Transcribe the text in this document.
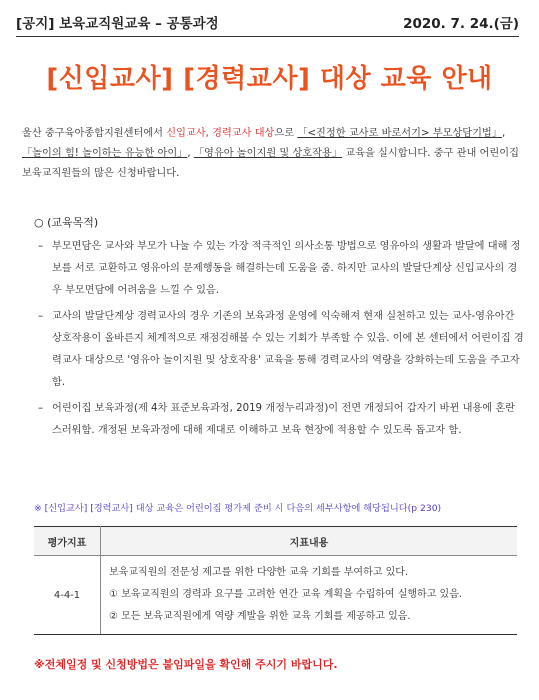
[공지] 보육교직원교육 – 공통과정	2020. 7. 24.(금)
[신입교사] [경력교사] 대상 교육 안내

울산 중구육아종합지원센터에서 신입교사, 경력교사 대상으로 「<진정한 교사로 바로서기> 부모상담기법」, 「놀이의 힘! 놀이하는 유능한 아이」, 「영유아 놀이지원 및 상호작용」 교육을 실시합니다. 중구 관내 어린이집 보육교직원들의 많은 신청바랍니다.

○ (교육목적)
– 부모면담은 교사와 부모가 나눌 수 있는 가장 적극적인 의사소통 방법으로 영유아의 생활과 발달에 대해 정보를 서로 교환하고 영유아의 문제행동을 해결하는데 도움을 줌. 하지만 교사의 발달단계상 신입교사의 경우 부모면담에 어려움을 느낄 수 있음.
– 교사의 발달단계상 경력교사의 경우 기존의 보육과정 운영에 익숙해져 현재 실천하고 있는 교사-영유아간 상호작용이 올바른지 체계적으로 재점검해볼 수 있는 기회가 부족할 수 있음. 이에 본 센터에서 어린이집 경력교사 대상으로 '영유아 놀이지원 및 상호작용' 교육을 통해 경력교사의 역량을 강화하는데 도움을 주고자 함.
– 어린이집 보육과정(제 4차 표준보육과정, 2019 개정누리과정)이 전면 개정되어 갑자기 바뀐 내용에 혼란스러워함. 개정된 보육과정에 대해 제대로 이해하고 보육 현장에 적용할 수 있도록 돕고자 함.
※ [신입교사] [경력교사] 대상 교육은 어린이집 평가제 준비 시 다음의 세부사항에 해당됩니다(p 230)
평가지표	지표내용
4-4-1	보육교직원의 전문성 제고를 위한 다양한 교육 기회를 부여하고 있다.
① 보육교직원의 경력과 요구를 고려한 연간 교육 계획을 수립하여 실행하고 있음.
② 모든 보육교직원에게 역량 계발을 위한 교육 기회를 제공하고 있음.
※전체일정 및 신청방법은 붙임파일을 확인해 주시기 바랍니다.
